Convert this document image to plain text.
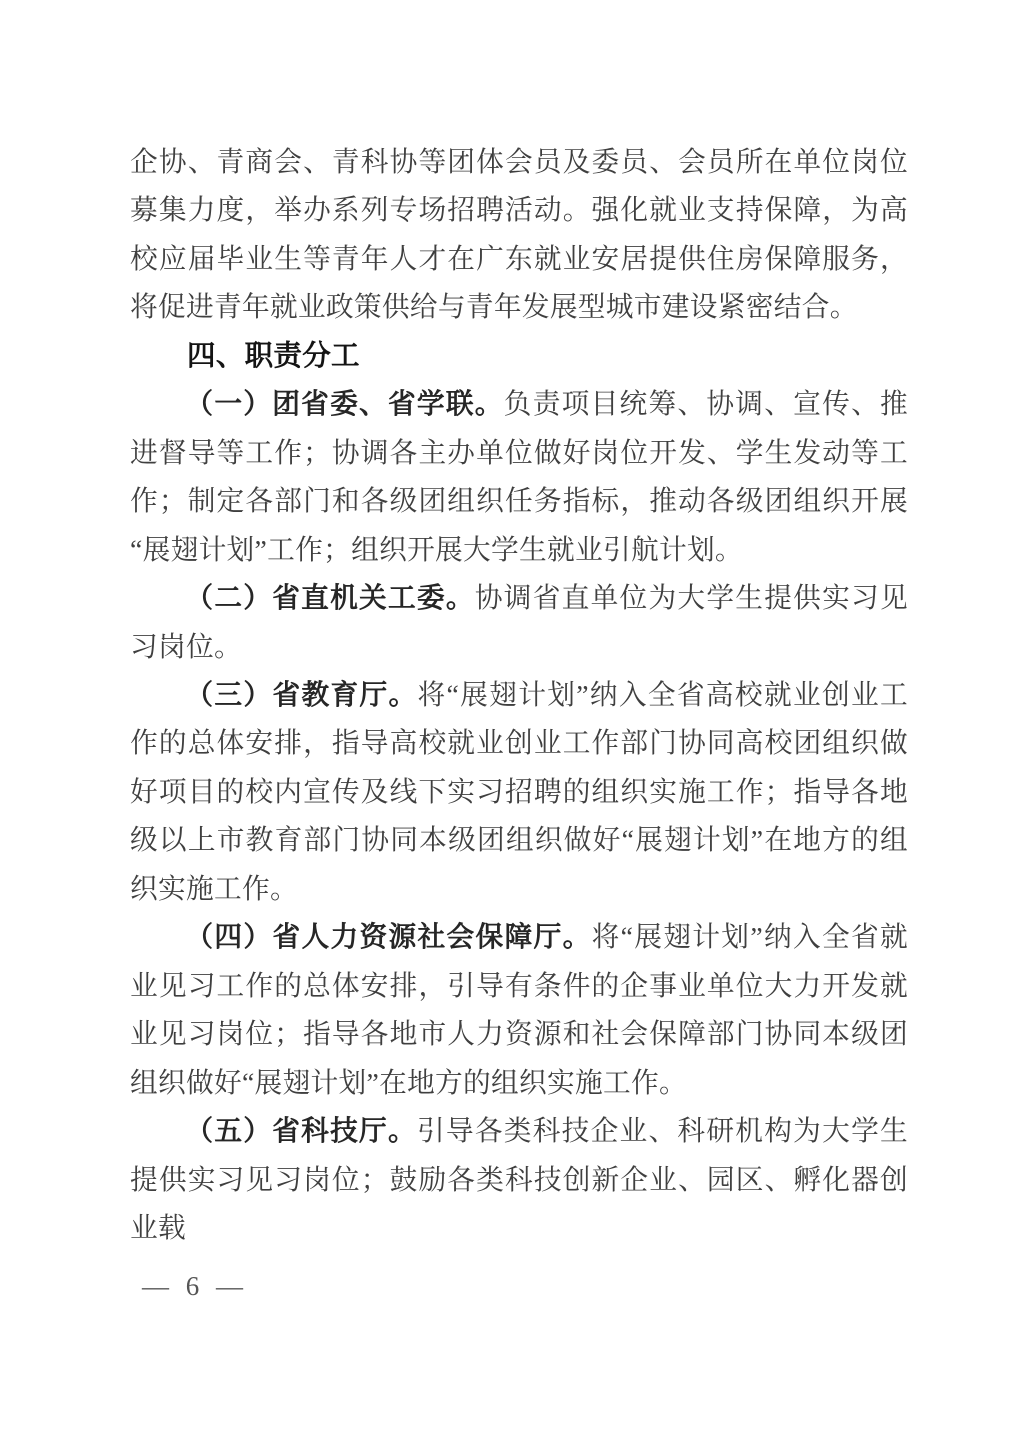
企协、青商会、青科协等团体会员及委员、会员所在单位岗位募集力度，举办系列专场招聘活动。强化就业支持保障，为高校应届毕业生等青年人才在广东就业安居提供住房保障服务，将促进青年就业政策供给与青年发展型城市建设紧密结合。

四、职责分工

（一）团省委、省学联。负责项目统筹、协调、宣传、推进督导等工作；协调各主办单位做好岗位开发、学生发动等工作；制定各部门和各级团组织任务指标，推动各级团组织开展“展翅计划”工作；组织开展大学生就业引航计划。

（二）省直机关工委。协调省直单位为大学生提供实习见习岗位。

（三）省教育厅。将“展翅计划”纳入全省高校就业创业工作的总体安排，指导高校就业创业工作部门协同高校团组织做好项目的校内宣传及线下实习招聘的组织实施工作；指导各地级以上市教育部门协同本级团组织做好“展翅计划”在地方的组织实施工作。

（四）省人力资源社会保障厅。将“展翅计划”纳入全省就业见习工作的总体安排，引导有条件的企事业单位大力开发就业见习岗位；指导各地市人力资源和社会保障部门协同本级团组织做好“展翅计划”在地方的组织实施工作。

（五）省科技厅。引导各类科技企业、科研机构为大学生提供实习见习岗位；鼓励各类科技创新企业、园区、孵化器创业载

— 6 —
